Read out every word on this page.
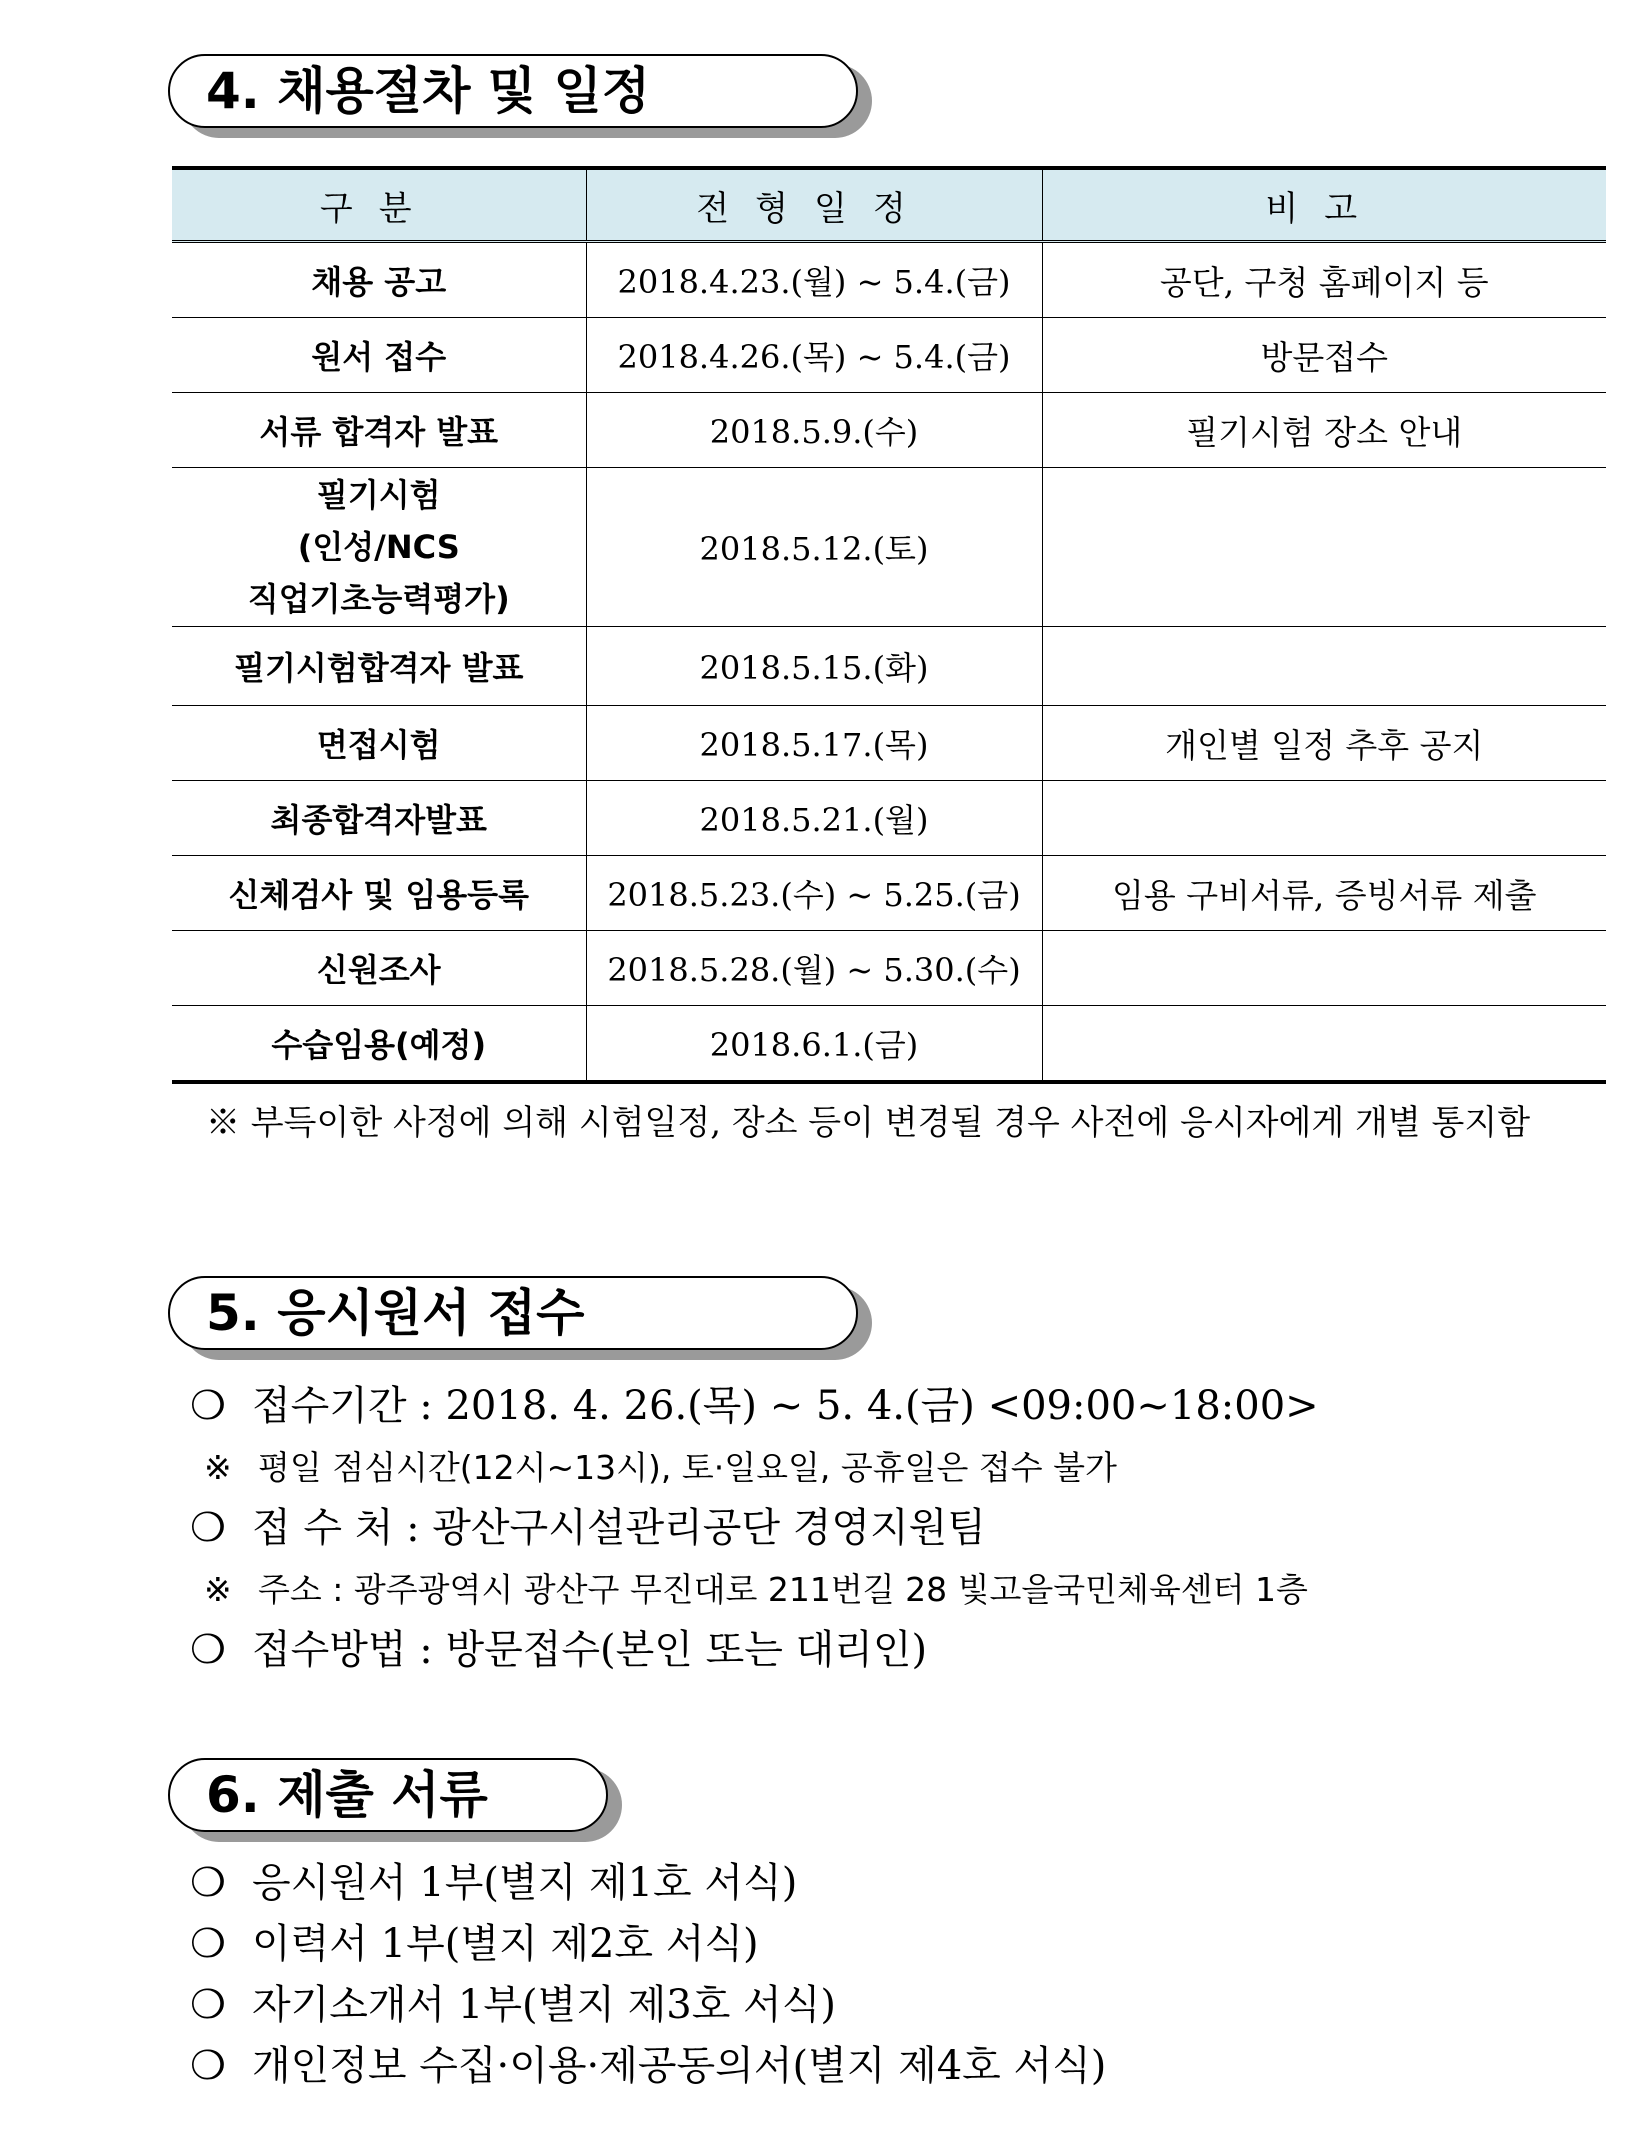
4. 채용절차 및 일정
구분	전형일정	비고
채용 공고	2018.4.23.(월) ~ 5.4.(금)	공단, 구청 홈페이지 등
원서 접수	2018.4.26.(목) ~ 5.4.(금)	방문접수
서류 합격자 발표	2018.5.9.(수)	필기시험 장소 안내

필기시험
(인성/NCS
직업기초능력평가)	2018.5.12.(토)	
필기시험합격자 발표	2018.5.15.(화)	
면접시험	2018.5.17.(목)	개인별 일정 추후 공지
최종합격자발표	2018.5.21.(월)	
신체검사 및 임용등록	2018.5.23.(수) ~ 5.25.(금)	임용 구비서류, 증빙서류 제출
신원조사	2018.5.28.(월) ~ 5.30.(수)	
수습임용(예정)	2018.6.1.(금)	
※ 부득이한 사정에 의해 시험일정, 장소 등이 변경될 경우 사전에 응시자에게 개별 통지함
5. 응시원서 접수
❍ 접수기간 : 2018. 4. 26.(목) ~ 5. 4.(금) <09:00~18:00>
※ 평일 점심시간(12시~13시), 토·일요일, 공휴일은 접수 불가
❍ 접 수 처 : 광산구시설관리공단 경영지원팀
※ 주소 : 광주광역시 광산구 무진대로 211번길 28 빛고을국민체육센터 1층
❍ 접수방법 : 방문접수(본인 또는 대리인)
6. 제출 서류
❍ 응시원서 1부(별지 제1호 서식)
❍ 이력서 1부(별지 제2호 서식)
❍ 자기소개서 1부(별지 제3호 서식)
❍ 개인정보 수집·이용·제공동의서(별지 제4호 서식)
